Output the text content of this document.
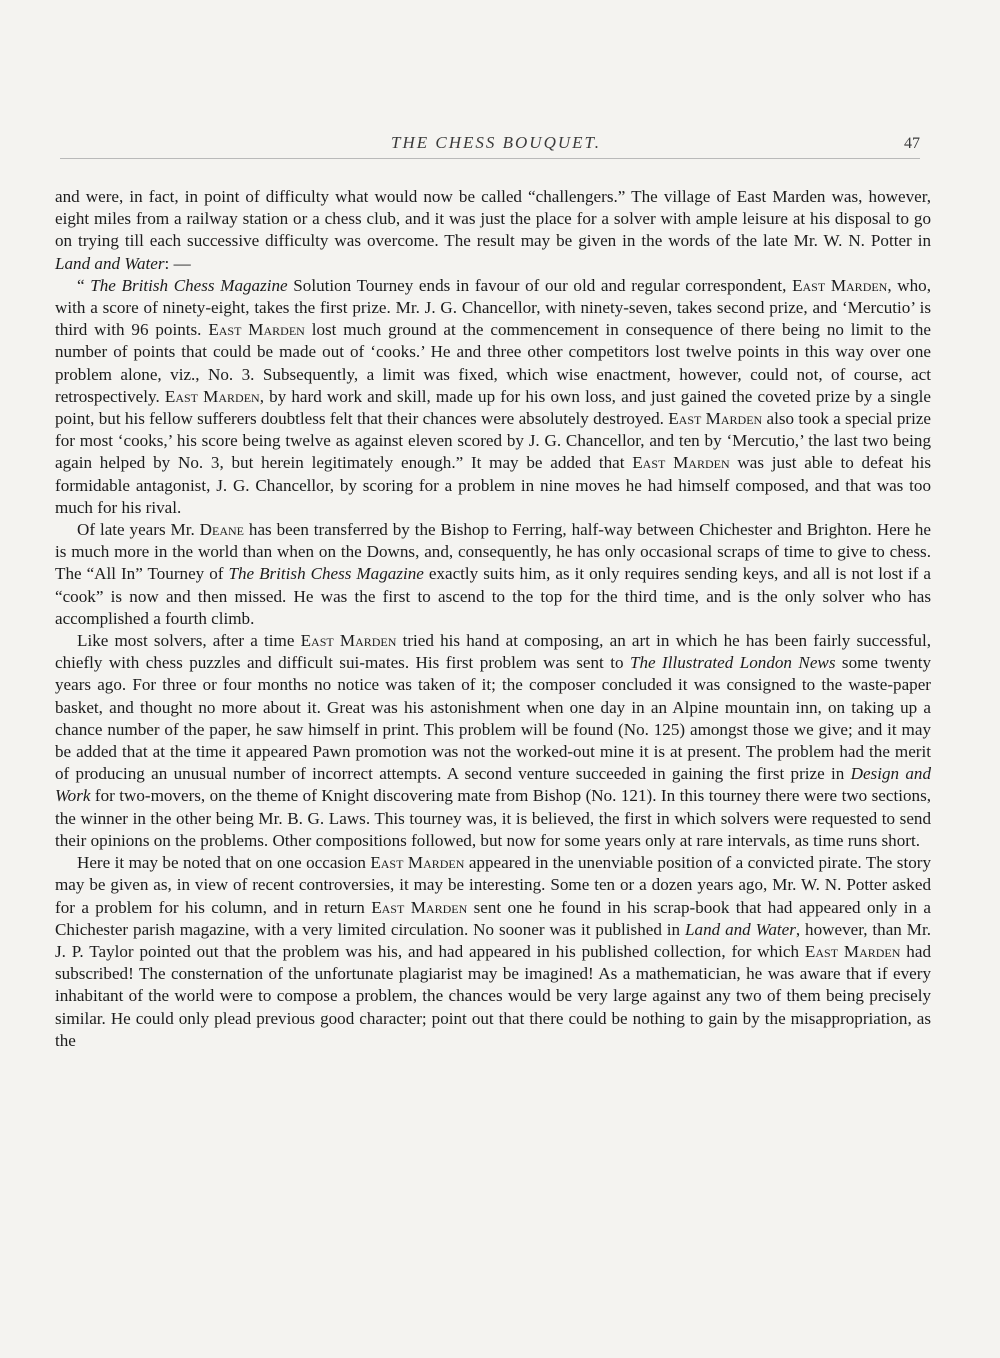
THE CHESS BOUQUET.	47

and were, in fact, in point of difficulty what would now be called “challengers.” The village of East Marden was, however, eight miles from a railway station or a chess club, and it was just the place for a solver with ample leisure at his disposal to go on trying till each successive difficulty was overcome. The result may be given in the words of the late Mr. W. N. Potter in Land and Water: —

“ The British Chess Magazine Solution Tourney ends in favour of our old and regular correspondent, East Marden, who, with a score of ninety-eight, takes the first prize. Mr. J. G. Chancellor, with ninety-seven, takes second prize, and ‘Mercutio’ is third with 96 points. East Marden lost much ground at the commencement in consequence of there being no limit to the number of points that could be made out of ‘cooks.’ He and three other competitors lost twelve points in this way over one problem alone, viz., No. 3. Subsequently, a limit was fixed, which wise enactment, however, could not, of course, act retrospectively. East Marden, by hard work and skill, made up for his own loss, and just gained the coveted prize by a single point, but his fellow sufferers doubtless felt that their chances were absolutely destroyed. East Marden also took a special prize for most ‘cooks,’ his score being twelve as against eleven scored by J. G. Chancellor, and ten by ‘Mercutio,’ the last two being again helped by No. 3, but herein legitimately enough.” It may be added that East Marden was just able to defeat his formidable antagonist, J. G. Chancellor, by scoring for a problem in nine moves he had himself composed, and that was too much for his rival.

Of late years Mr. Deane has been transferred by the Bishop to Ferring, half-way between Chichester and Brighton. Here he is much more in the world than when on the Downs, and, consequently, he has only occasional scraps of time to give to chess. The “All In” Tourney of The British Chess Magazine exactly suits him, as it only requires sending keys, and all is not lost if a “cook” is now and then missed. He was the first to ascend to the top for the third time, and is the only solver who has accomplished a fourth climb.

Like most solvers, after a time East Marden tried his hand at composing, an art in which he has been fairly successful, chiefly with chess puzzles and difficult sui-mates. His first problem was sent to The Illustrated London News some twenty years ago. For three or four months no notice was taken of it; the composer concluded it was consigned to the waste-paper basket, and thought no more about it. Great was his astonishment when one day in an Alpine mountain inn, on taking up a chance number of the paper, he saw himself in print. This problem will be found (No. 125) amongst those we give; and it may be added that at the time it appeared Pawn promotion was not the worked-out mine it is at present. The problem had the merit of producing an unusual number of incorrect attempts. A second venture succeeded in gaining the first prize in Design and Work for two-movers, on the theme of Knight discovering mate from Bishop (No. 121). In this tourney there were two sections, the winner in the other being Mr. B. G. Laws. This tourney was, it is believed, the first in which solvers were requested to send their opinions on the problems. Other compositions followed, but now for some years only at rare intervals, as time runs short.

Here it may be noted that on one occasion East Marden appeared in the unenviable position of a convicted pirate. The story may be given as, in view of recent controversies, it may be interesting. Some ten or a dozen years ago, Mr. W. N. Potter asked for a problem for his column, and in return East Marden sent one he found in his scrap-book that had appeared only in a Chichester parish magazine, with a very limited circulation. No sooner was it published in Land and Water, however, than Mr. J. P. Taylor pointed out that the problem was his, and had appeared in his published collection, for which East Marden had subscribed! The consternation of the unfortunate plagiarist may be imagined! As a mathematician, he was aware that if every inhabitant of the world were to compose a problem, the chances would be very large against any two of them being precisely similar. He could only plead previous good character; point out that there could be nothing to gain by the misappropriation, as the
